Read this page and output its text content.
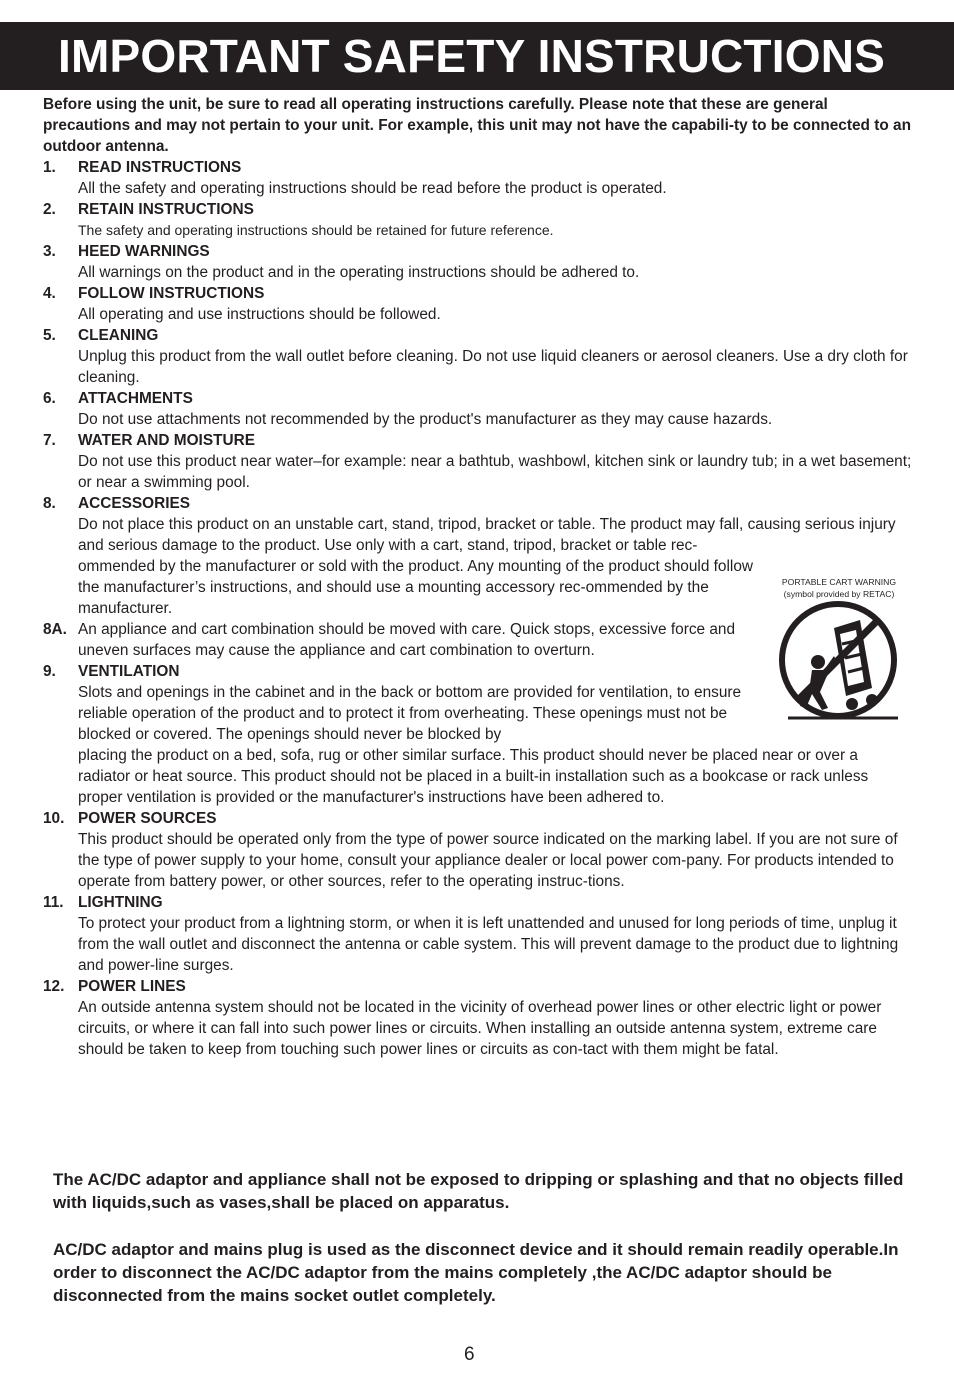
IMPORTANT SAFETY INSTRUCTIONS
Before using the unit, be sure to read all operating instructions carefully. Please note that these are general precautions and may not pertain to your unit. For example, this unit may not have the capabili-ty to be connected to an outdoor antenna.
1. READ INSTRUCTIONS
All the safety and operating instructions should be read before the product is operated.
2. RETAIN INSTRUCTIONS
The safety and operating instructions should be retained for future reference.
3. HEED WARNINGS
All warnings on the product and in the operating instructions should be adhered to.
4. FOLLOW INSTRUCTIONS
All operating and use instructions should be followed.
5. CLEANING
Unplug this product from the wall outlet before cleaning. Do not use liquid cleaners or aerosol cleaners. Use a dry cloth for cleaning.
6. ATTACHMENTS
Do not use attachments not recommended by the product's manufacturer as they may cause hazards.
7. WATER AND MOISTURE
Do not use this product near water–for example: near a bathtub, washbowl, kitchen sink or laundry tub; in a wet basement; or near a swimming pool.
8. ACCESSORIES
Do not place this product on an unstable cart, stand, tripod, bracket or table. The product may fall, causing serious injury and serious damage to the product. Use only with a cart, stand, tripod, bracket or table rec-
ommended by the manufacturer or sold with the product. Any mounting of the product should follow the manufacturer’s instructions, and should use a mounting accessory rec-ommended by the manufacturer.
8A. An appliance and cart combination should be moved with care. Quick stops, excessive force and uneven surfaces may cause the appliance and cart combination to overturn.
9. VENTILATION
Slots and openings in the cabinet and in the back or bottom are provided for ventilation, to ensure reliable operation of the product and to protect it from overheating. These openings must not be blocked or covered. The openings should never be blocked by
placing the product on a bed, sofa, rug or other similar surface. This product should never be placed near or over a radiator or heat source. This product should not be placed in a built-in installation such as a bookcase or rack unless proper ventilation is provided or the manufacturer's instructions have been adhered to.
10. POWER SOURCES
This product should be operated only from the type of power source indicated on the marking label. If you are not sure of the type of power supply to your home, consult your appliance dealer or local power com-pany. For products intended to operate from battery power, or other sources, refer to the operating instruc-tions.
11. LIGHTNING
To protect your product from a lightning storm, or when it is left unattended and unused for long periods of time, unplug it from the wall outlet and disconnect the antenna or cable system. This will prevent damage to the product due to lightning and power-line surges.
12. POWER LINES
An outside antenna system should not be located in the vicinity of overhead power lines or other electric light or power circuits, or where it can fall into such power lines or circuits. When installing an outside antenna system, extreme care should be taken to keep from touching such power lines or circuits as con-tact with them might be fatal.
PORTABLE CART WARNING
(symbol provided by RETAC)

The AC/DC adaptor and appliance shall not be exposed to dripping or splashing and that no objects filled with liquids,such as vases,shall be placed on apparatus.

AC/DC adaptor and mains plug is used as the disconnect device and it should remain readily operable.In order to disconnect the AC/DC adaptor from the mains completely ,the AC/DC adaptor should be disconnected from the mains socket outlet completely.

6
